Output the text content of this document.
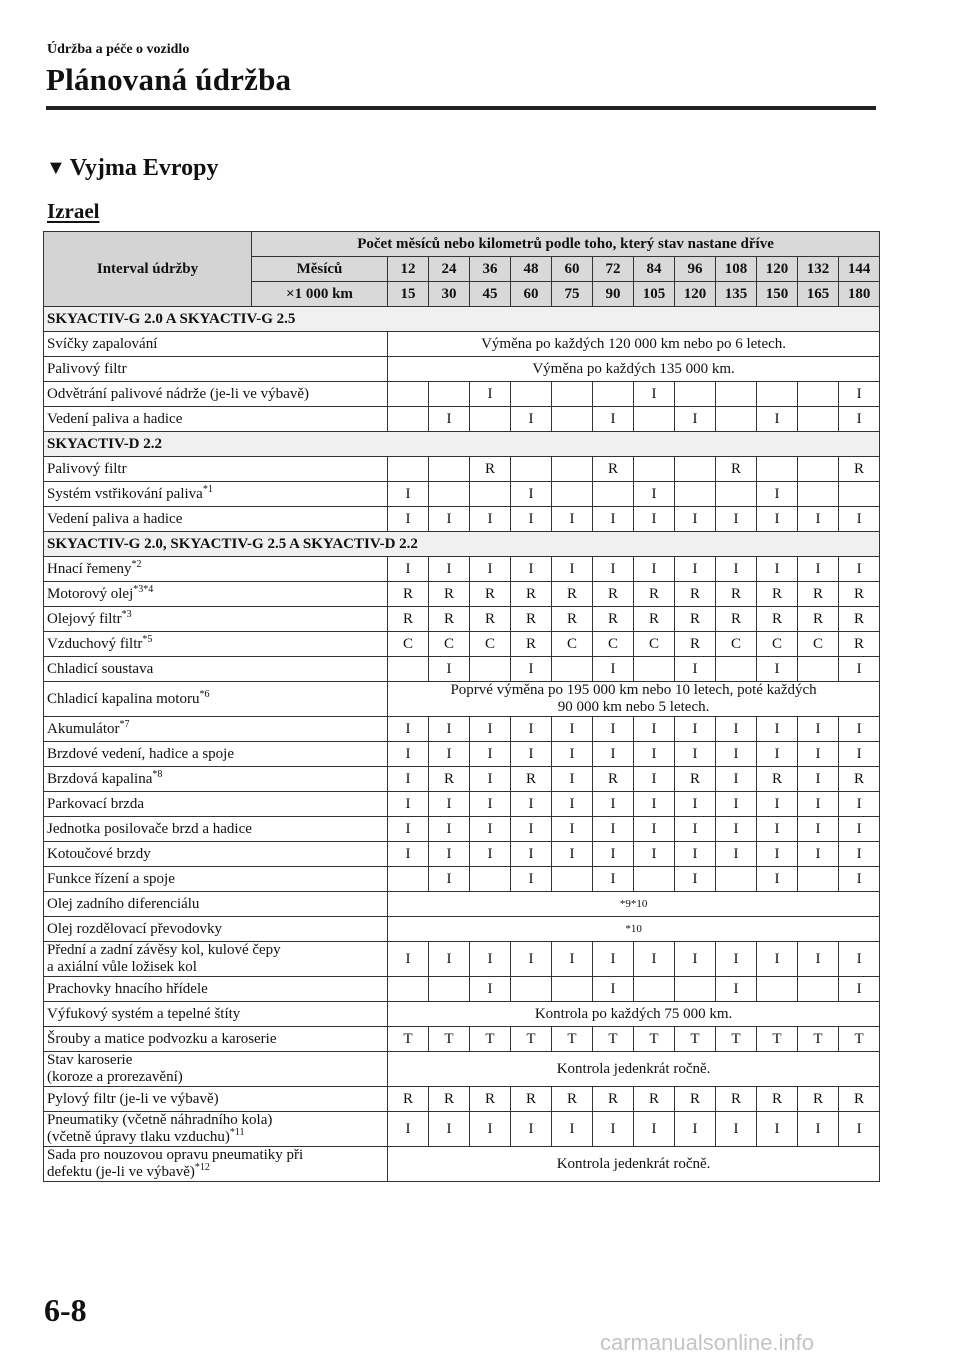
Údržba a péče o vozidlo
Plánovaná údržba
▼ Vyjma Evropy
Izrael
Interval údržby	Počet měsíců nebo kilometrů podle toho, který stav nastane dříve												
	Měsíců	12	24	36	48	60	72	84	96	108	120	132	144
	×1 000 km	15	30	45	60	75	90	105	120	135	150	165	180
SKYACTIV-G 2.0 A SKYACTIV-G 2.5													
Svíčky zapalování		Výměna po každých 120 000 km nebo po 6 letech.											
Palivový filtr		Výměna po každých 135 000 km.											
Odvětrání palivové nádrže (je-li ve výbavě)				I				I					I
Vedení paliva a hadice			I		I		I		I		I		I
SKYACTIV-D 2.2													
Palivový filtr				R			R			R			R
Systém vstřikování paliva$^{*1}$		I			I			I			I		
Vedení paliva a hadice		I	I	I	I	I	I	I	I	I	I	I	I
SKYACTIV-G 2.0, SKYACTIV-G 2.5 A SKYACTIV-D 2.2													
Hnací řemeny$^{*2}$		I	I	I	I	I	I	I	I	I	I	I	I
Motorový olej$^{*3*4}$		R	R	R	R	R	R	R	R	R	R	R	R
Olejový filtr$^{*3}$		R	R	R	R	R	R	R	R	R	R	R	R
Vzduchový filtr$^{*5}$		C	C	C	R	C	C	C	R	C	C	C	R
Chladicí soustava			I		I		I		I		I		I
Chladicí kapalina motoru$^{*6}$		Poprvé výměna po 195 000 km nebo 10 letech, poté každých
90 000 km nebo 5 letech.											
Akumulátor$^{*7}$		I	I	I	I	I	I	I	I	I	I	I	I
Brzdové vedení, hadice a spoje		I	I	I	I	I	I	I	I	I	I	I	I
Brzdová kapalina$^{*8}$		I	R	I	R	I	R	I	R	I	R	I	R
Parkovací brzda		I	I	I	I	I	I	I	I	I	I	I	I
Jednotka posilovače brzd a hadice		I	I	I	I	I	I	I	I	I	I	I	I
Kotoučové brzdy		I	I	I	I	I	I	I	I	I	I	I	I
Funkce řízení a spoje			I		I		I		I		I		I
Olej zadního diferenciálu		*9*10											
Olej rozdělovací převodovky		*10											
Přední a zadní závěsy kol, kulové čepy
a axiální vůle ložisek kol		I	I	I	I	I	I	I	I	I	I	I	I
Prachovky hnacího hřídele				I			I			I			I
Výfukový systém a tepelné štíty		Kontrola po každých 75 000 km.											
Šrouby a matice podvozku a karoserie		T	T	T	T	T	T	T	T	T	T	T	T
Stav karoserie
(koroze a prorezavění)		Kontrola jedenkrát ročně.											
Pylový filtr (je-li ve výbavě)		R	R	R	R	R	R	R	R	R	R	R	R
Pneumatiky (včetně náhradního kola)
(včetně úpravy tlaku vzduchu)$^{*11}$		I	I	I	I	I	I	I	I	I	I	I	I
Sada pro nouzovou opravu pneumatiky při
defektu (je-li ve výbavě)$^{*12}$		Kontrola jedenkrát ročně.											
6-8
carmanualsonline.info
